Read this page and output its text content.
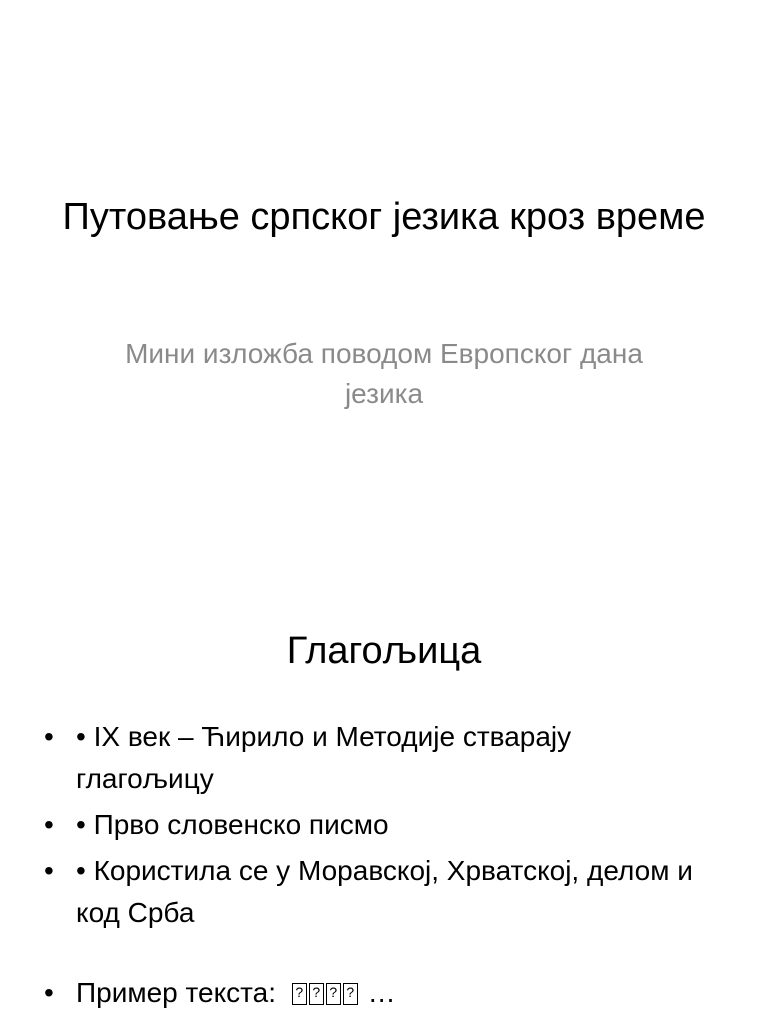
Путовање српског језика кроз време
Мини изложба поводом Европског дана језика
Глагољица
• • IX век – Ћирило и Методије стварају глагољицу
• • Прво словенско писмо
• • Користила се у Моравској, Хрватској, делом и код Срба
• Пример текста: ? ? ? ?	…
